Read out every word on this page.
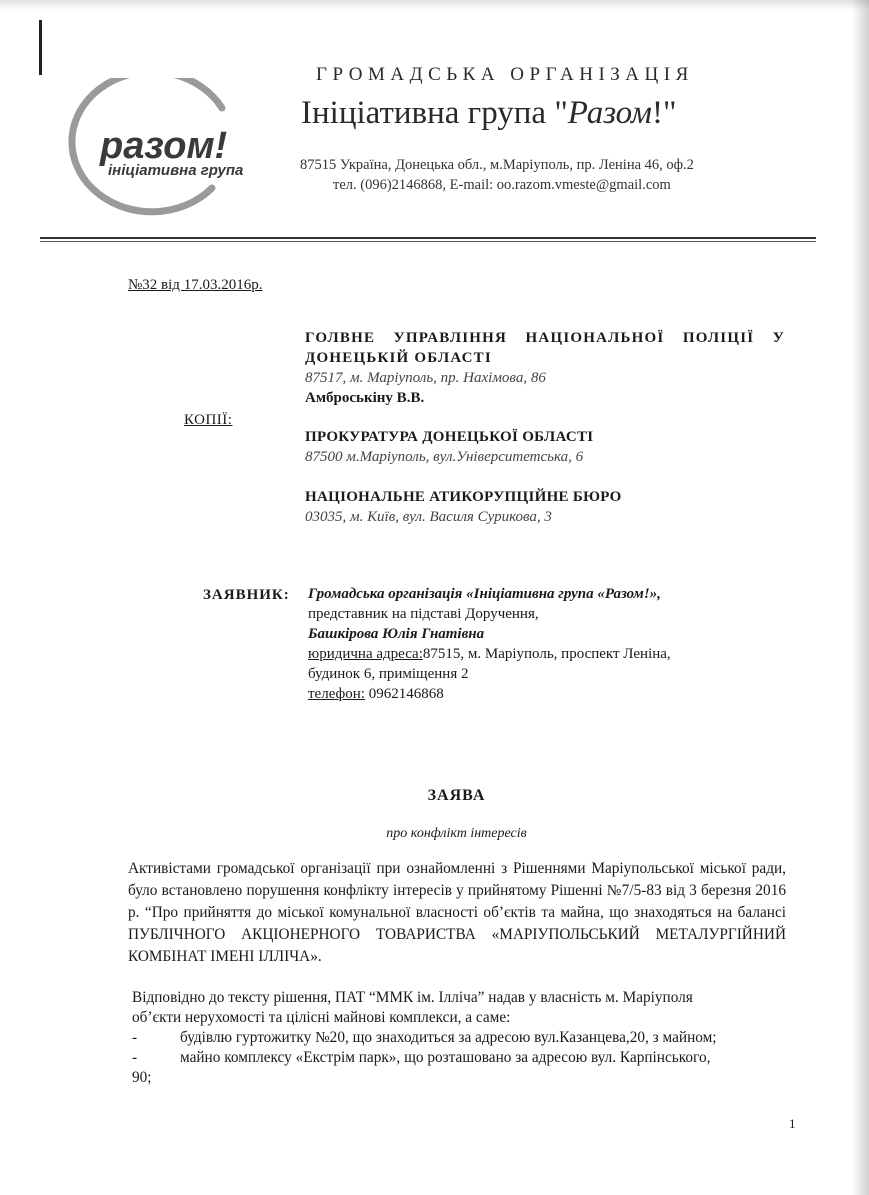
разом!
ініціативна група
ГРОМАДСЬКА ОРГАНІЗАЦІЯ
Ініціативна група "Разом!"
87515 Україна, Донецька обл., м.Маріуполь, пр. Леніна 46, оф.2
тел. (096)2146868, E-mail: oo.razom.vmeste@gmail.com
№32 від 17.03.2016р.
ГОЛВНЕ УПРАВЛІННЯ НАЦІОНАЛЬНОЇ ПОЛІЦІЇ У ДОНЕЦЬКІЙ ОБЛАСТІ
87517, м. Маріуполь, пр. Нахімова, 86
Амброськіну В.В.
КОПІЇ:
ПРОКУРАТУРА ДОНЕЦЬКОЇ ОБЛАСТІ
87500 м.Маріуполь, вул.Університетська, 6
НАЦІОНАЛЬНЕ АТИКОРУПЦІЙНЕ БЮРО
03035, м. Київ, вул. Василя Сурикова, 3
ЗАЯВНИК: Громадська організація «Ініціативна група «Разом!»,
представник на підставі Доручення,
Башкірова Юлія Гнатівна
юридична адреса:87515, м. Маріуполь, проспект Леніна,
будинок 6, приміщення 2
телефон: 0962146868
ЗАЯВА
про конфлікт інтересів
Активістами громадської організації при ознайомленні з Рішеннями Маріупольської міської ради, було встановлено порушення конфлікту інтересів у прийнятому Рішенні №7/5-83 від 3 березня 2016 р. “Про прийняття до міської комунальної власності об’єктів та майна, що знаходяться на балансі ПУБЛІЧНОГО АКЦІОНЕРНОГО ТОВАРИСТВА «МАРІУПОЛЬСЬКИЙ МЕТАЛУРГІЙНИЙ КОМБІНАТ ІМЕНІ ІЛЛІЧА».

Відповідно до тексту рішення, ПАТ “ММК ім. Ілліча” надав у власність м. Маріуполя

об’єкти нерухомості та цілісні майнові комплекси, а саме:

-	будівлю гуртожитку №20, що знаходиться за адресою вул.Казанцева,20, з майном;

-	майно комплексу «Екстрім парк», що розташовано за адресою вул. Карпінського,

90;

1
